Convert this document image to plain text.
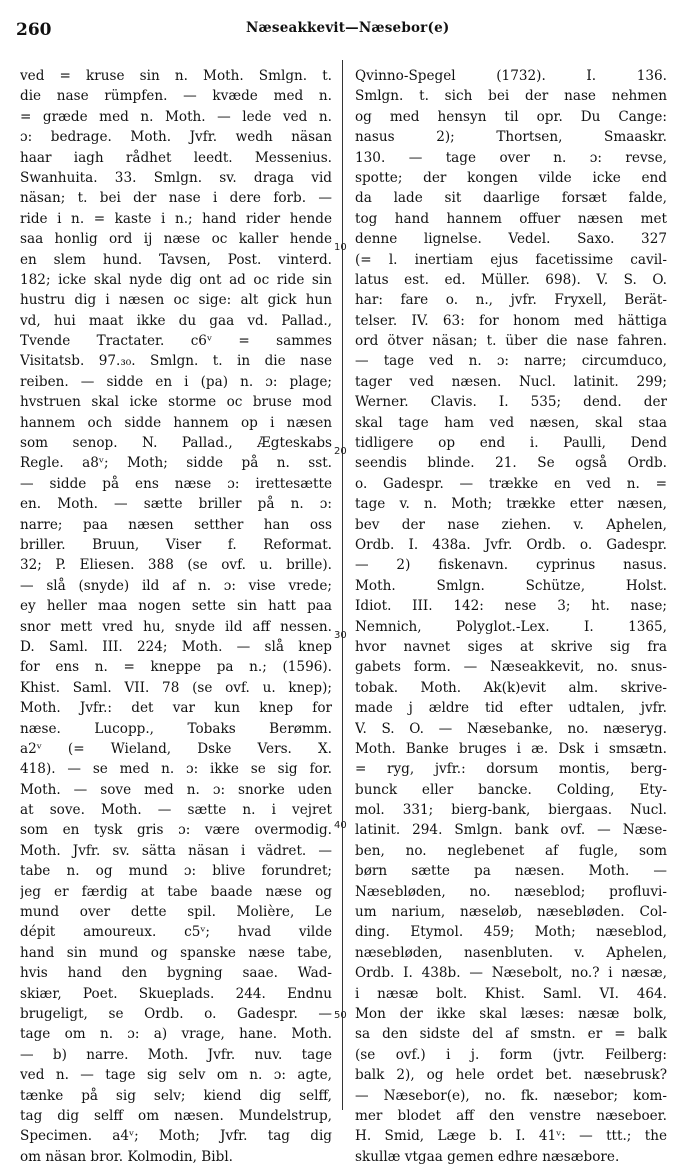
260	Næseakkevit—Næsebor(e)
10
20
30
40
50
ved = kruse sin n. Moth. Smlgn. t.
die nase rümpfen. — kvæde med n.
= græde med n. Moth. — lede ved n.
ɔ: bedrage. Moth. Jvfr. wedh näsan
haar iagh rådhet leedt. Messenius.
Swanhuita. 33. Smlgn. sv. draga vid
näsan; t. bei der nase i dere forb. —
ride i n. = kaste i n.; hand rider hende
saa honlig ord ij næse oc kaller hende
en slem hund. Tavsen, Post. vinterd.
182; icke skal nyde dig ont ad oc ride sin
hustru dig i næsen oc sige: alt gick hun
vd, hui maat ikke du gaa vd. Pallad.,
Tvende Tractater. c6ᵛ = sammes
Visitatsb. 97.₃₀. Smlgn. t. in die nase
reiben. — sidde en i (pa) n. ɔ: plage;
hvstruen skal icke storme oc bruse mod
hannem och sidde hannem op i næsen
som senop. N. Pallad., Ægteskabs
Regle. a8ᵛ; Moth; sidde på n. sst.
— sidde på ens næse ɔ: irettesætte
en. Moth. — sætte briller på n. ɔ:
narre; paa næsen setther han oss
briller. Bruun, Viser f. Reformat.
32; P. Eliesen. 388 (se ovf. u. brille).
— slå (snyde) ild af n. ɔ: vise vrede;
ey heller maa nogen sette sin hatt paa
snor mett vred hu, snyde ild aff nessen.
D. Saml. III. 224; Moth. — slå knep
for ens n. = kneppe pa n.; (1596).
Khist. Saml. VII. 78 (se ovf. u. knep);
Moth. Jvfr.: det var kun knep for
næse. Lucopp., Tobaks Berømm.
a2ᵛ (= Wieland, Dske Vers. X.
418). — se med n. ɔ: ikke se sig for.
Moth. — sove med n. ɔ: snorke uden
at sove. Moth. — sætte n. i vejret
som en tysk gris ɔ: være overmodig.
Moth. Jvfr. sv. sätta näsan i vädret. —
tabe n. og mund ɔ: blive forundret;
jeg er færdig at tabe baade næse og
mund over dette spil. Molière, Le
dépit amoureux. c5ᵛ; hvad vilde
hand sin mund og spanske næse tabe,
hvis hand den bygning saae. Wad-
skiær, Poet. Skueplads. 244. Endnu
brugeligt, se Ordb. o. Gadespr. —
tage om n. ɔ: a) vrage, hane. Moth.
— b) narre. Moth. Jvfr. nuv. tage
ved n. — tage sig selv om n. ɔ: agte,
tænke på sig selv; kiend dig selff,
tag dig selff om næsen. Mundelstrup,
Specimen. a4ᵛ; Moth; Jvfr. tag dig
om näsan bror. Kolmodin, Bibl.
Qvinno-Spegel (1732). I. 136.
Smlgn. t. sich bei der nase nehmen
og med hensyn til opr. Du Cange:
nasus 2); Thortsen, Smaaskr.
130. — tage over n. ɔ: revse,
spotte; der kongen vilde icke end
da lade sit daarlige forsæt falde,
tog hand hannem offuer næsen met
denne lignelse. Vedel. Saxo. 327
(= l. inertiam ejus facetissime cavil-
latus est. ed. Müller. 698). V. S. O.
har: fare o. n., jvfr. Fryxell, Berät-
telser. IV. 63: for honom med hättiga
ord ötver näsan; t. über die nase fahren.
— tage ved n. ɔ: narre; circumduco,
tager ved næsen. Nucl. latinit. 299;
Werner. Clavis. I. 535; dend. der
skal tage ham ved næsen, skal staa
tidligere op end i. Paulli, Dend
seendis blinde. 21. Se også Ordb.
o. Gadespr. — trække en ved n. =
tage v. n. Moth; trække etter næsen,
bev der nase ziehen. v. Aphelen,
Ordb. I. 438a. Jvfr. Ordb. o. Gadespr.
— 2) fiskenavn. cyprinus nasus.
Moth. Smlgn. Schütze, Holst.
Idiot. III. 142: nese 3; ht. nase;
Nemnich, Polyglot.-Lex. I. 1365,
hvor navnet siges at skrive sig fra
gabets form. — Næseakkevit, no. snus-
tobak. Moth. Ak(k)evit alm. skrive-
made j ældre tid efter udtalen, jvfr.
V. S. O. — Næsebanke, no. næseryg.
Moth. Banke bruges i æ. Dsk i smsætn.
= ryg, jvfr.: dorsum montis, berg-
bunck eller bancke. Colding, Ety-
mol. 331; bierg-bank, biergaas. Nucl.
latinit. 294. Smlgn. bank ovf. — Næse-
ben, no. ⁠neglebenet af fugle, som
børn sætte pa næsen. Moth. —
Næsebløden, no. næseblod; profluvi-
um narium, næseløb, næsebløden. Col-
ding. Etymol. 459; Moth; næseblod,
næsebløden, nasenbluten. v. Aphelen,
Ordb. I. 438b. — Næsebolt, no.? i næsæ,
i næsæ bolt. Khist. Saml. VI. 464.
Mon der ikke skal læses: næsæ bolk,
sa den sidste del af smstn. er = balk
(se ovf.) i j. form (jvtr. Feilberg:
balk 2), og hele ordet bet. næsebrusk?
— Næsebor(e), no. fk. næsebor; kom-
mer blodet aff den venstre næseboer.
H. Smid, Læge b. I. 41ᵛ: — ttt.; the
skullæ vtgaa gemen edhre næsæbore.
